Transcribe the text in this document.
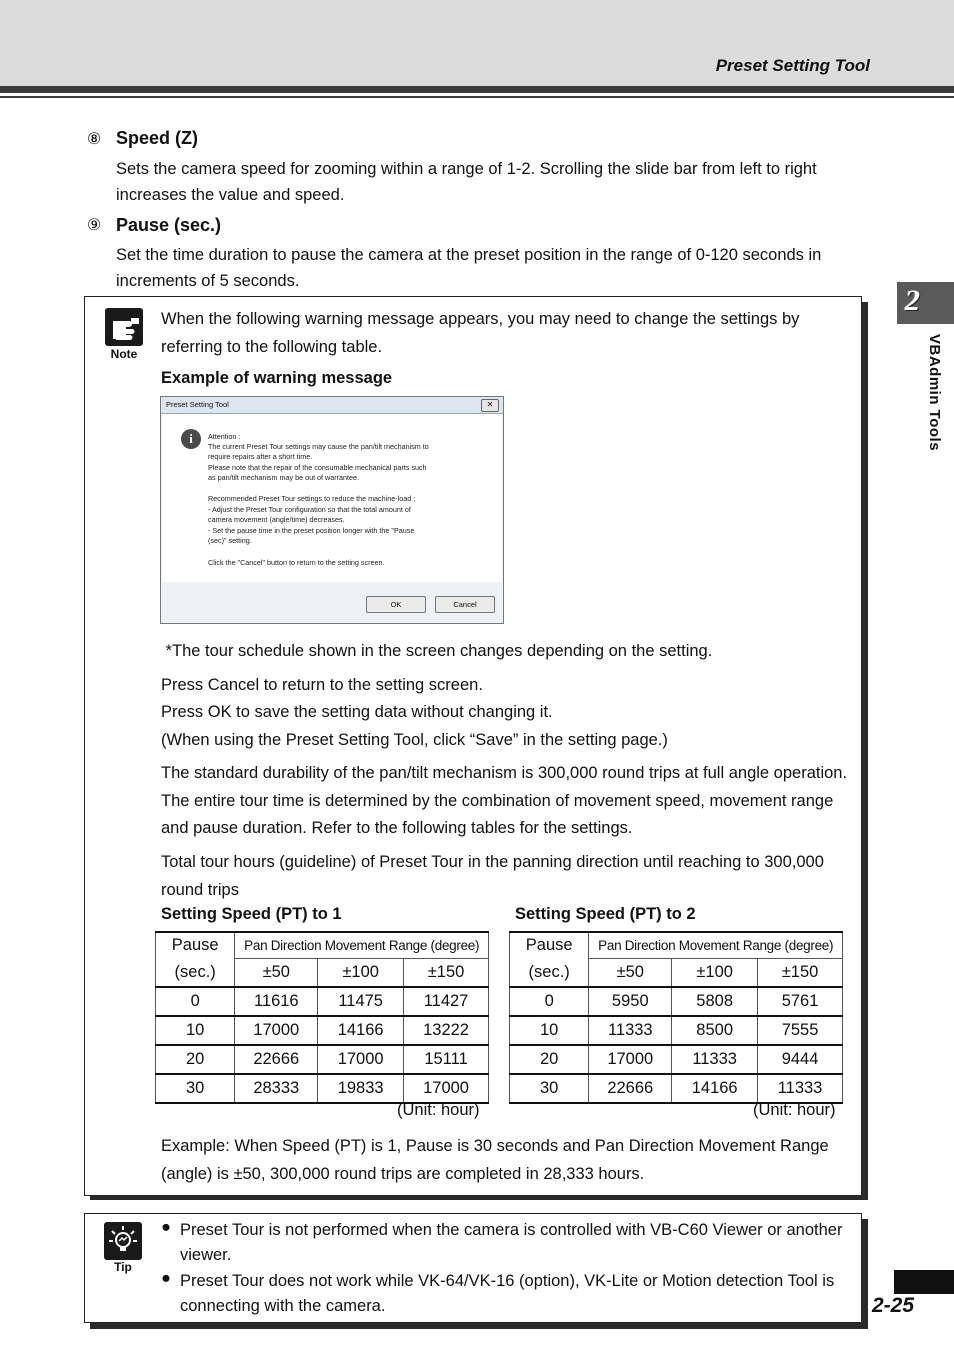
Preset Setting Tool
⑧ Speed (Z)
Sets the camera speed for zooming within a range of 1-2. Scrolling the slide bar from left to right increases the value and speed.
⑨ Pause (sec.)
Set the time duration to pause the camera at the preset position in the range of 0-120 seconds in increments of 5 seconds.
Note
When the following warning message appears, you may need to change the settings by referring to the following table.
Example of warning message
Preset Setting Tool	✕
i	Attention :
The current Preset Tour settings may cause the pan/tilt mechanism to
require repairs after a short time.
Please note that the repair of the consumable mechanical parts such
as pan/tilt mechanism may be out of warrantee.
Recommended Preset Tour settings to reduce the machine-load :
- Adjust the Preset Tour configuration so that the total amount of
camera movement (angle/time) decreases.
- Set the pause time in the preset position longer with the "Pause
(sec)" setting.
Click the "Cancel" button to return to the setting screen.
OK	Cancel
*The tour schedule shown in the screen changes depending on the setting.
Press Cancel to return to the setting screen.
Press OK to save the setting data without changing it.
(When using the Preset Setting Tool, click “Save” in the setting page.)
The standard durability of the pan/tilt mechanism is 300,000 round trips at full angle operation. The entire tour time is determined by the combination of movement speed, movement range and pause duration. Refer to the following tables for the settings.
Total tour hours (guideline) of Preset Tour in the panning direction until reaching to 300,000 round trips
Setting Speed (PT) to 1
Pause	Pan Direction Movement Range (degree)		
(sec.)	±50	±100	±150
0	11616	11475	11427
10	17000	14166	13222
20	22666	17000	15111
30	28333	19833	17000
(Unit: hour)
Setting Speed (PT) to 2
Pause	Pan Direction Movement Range (degree)		
(sec.)	±50	±100	±150
0	5950	5808	5761
10	11333	8500	7555
20	17000	11333	9444
30	22666	14166	11333
(Unit: hour)
Example: When Speed (PT) is 1, Pause is 30 seconds and Pan Direction Movement Range (angle) is ±50, 300,000 round trips are completed in 28,333 hours.
Tip
● Preset Tour is not performed when the camera is controlled with VB-C60 Viewer or another viewer.
● Preset Tour does not work while VK-64/VK-16 (option), VK-Lite or Motion detection Tool is connecting with the camera.
2
VBAdmin Tools
2-25
